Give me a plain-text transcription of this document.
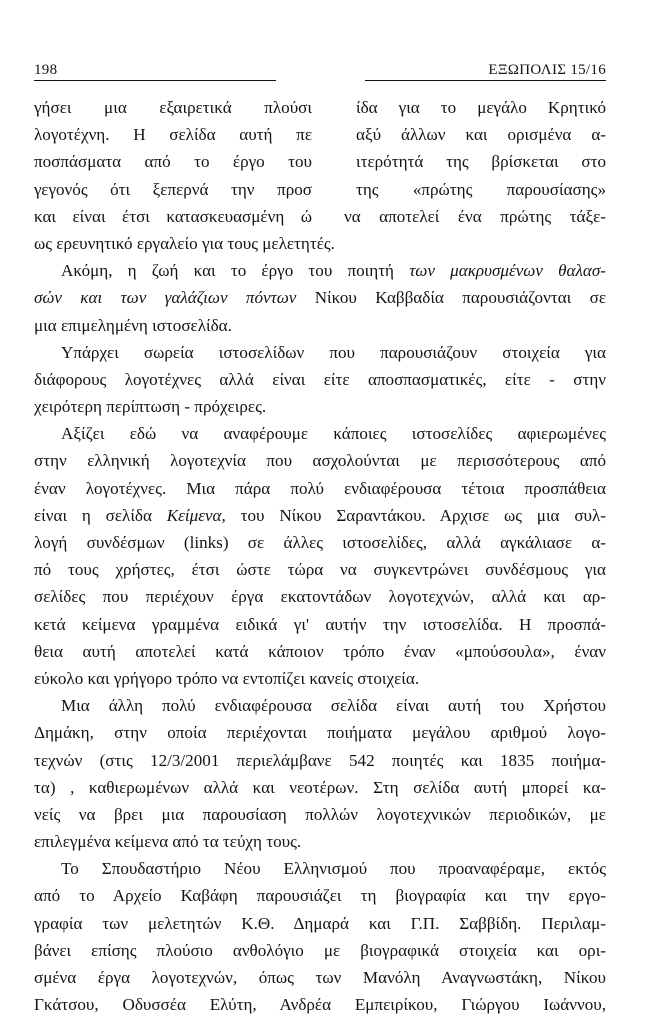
198	ΕΞΩΠΟΛΙΣ 15/16
γήσει μια εξαιρετικά πλούσι	ίδα για το μεγάλο Κρητικό
λογοτέχνη. Η σελίδα αυτή πε	αξύ άλλων και ορισμένα α-
ποσπάσματα από το έργο του	ιτερότητά της βρίσκεται στο
γεγονός ότι ξεπερνά την προσ	της «πρώτης παρουσίασης»
και είναι έτσι κατασκευασμένη ώ να αποτελεί ένα πρώτης τάξε-
ως ερευνητικό εργαλείο για τους μελετητές.
Ακόμη, η ζωή και το έργο του ποιητή των μακρυσμένων θαλασ-
σών και των γαλάζιων πόντων Νίκου Καββαδία παρουσιάζονται σε
μια επιμελημένη ιστοσελίδα.
Υπάρχει σωρεία ιστοσελίδων που παρουσιάζουν στοιχεία για
διάφορους λογοτέχνες αλλά είναι είτε αποσπασματικές, είτε - στην
χειρότερη περίπτωση - πρόχειρες.
Αξίζει εδώ να αναφέρουμε κάποιες ιστοσελίδες αφιερωμένες
στην ελληνική λογοτεχνία που ασχολούνται με περισσότερους από
έναν λογοτέχνες. Μια πάρα πολύ ενδιαφέρουσα τέτοια προσπάθεια
είναι η σελίδα Κείμενα, του Νίκου Σαραντάκου. Αρχισε ως μια συλ-
λογή συνδέσμων (links) σε άλλες ιστοσελίδες, αλλά αγκάλιασε α-
πό τους χρήστες, έτσι ώστε τώρα να συγκεντρώνει συνδέσμους για
σελίδες που περιέχουν έργα εκατοντάδων λογοτεχνών, αλλά και αρ-
κετά κείμενα γραμμένα ειδικά γι' αυτήν την ιστοσελίδα. Η προσπά-
θεια αυτή αποτελεί κατά κάποιον τρόπο έναν «μπούσουλα», έναν
εύκολο και γρήγορο τρόπο να εντοπίζει κανείς στοιχεία.
Μια άλλη πολύ ενδιαφέρουσα σελίδα είναι αυτή του Χρήστου
Δημάκη, στην οποία περιέχονται ποιήματα μεγάλου αριθμού λογο-
τεχνών (στις 12/3/2001 περιελάμβανε 542 ποιητές και 1835 ποιήμα-
τα) , καθιερωμένων αλλά και νεοτέρων. Στη σελίδα αυτή μπορεί κα-
νείς να βρει μια παρουσίαση πολλών λογοτεχνικών περιοδικών, με
επιλεγμένα κείμενα από τα τεύχη τους.
Το Σπουδαστήριο Νέου Ελληνισμού που προαναφέραμε, εκτός
από το Αρχείο Καβάφη παρουσιάζει τη βιογραφία και την εργο-
γραφία των μελετητών Κ.Θ. Δημαρά και Γ.Π. Σαββίδη. Περιλαμ-
βάνει επίσης πλούσιο ανθολόγιο με βιογραφικά στοιχεία και ορι-
σμένα έργα λογοτεχνών, όπως των Μανόλη Αναγνωστάκη, Νίκου
Γκάτσου, Οδυσσέα Ελύτη, Ανδρέα Εμπειρίκου, Γιώργου Ιωάννου,
